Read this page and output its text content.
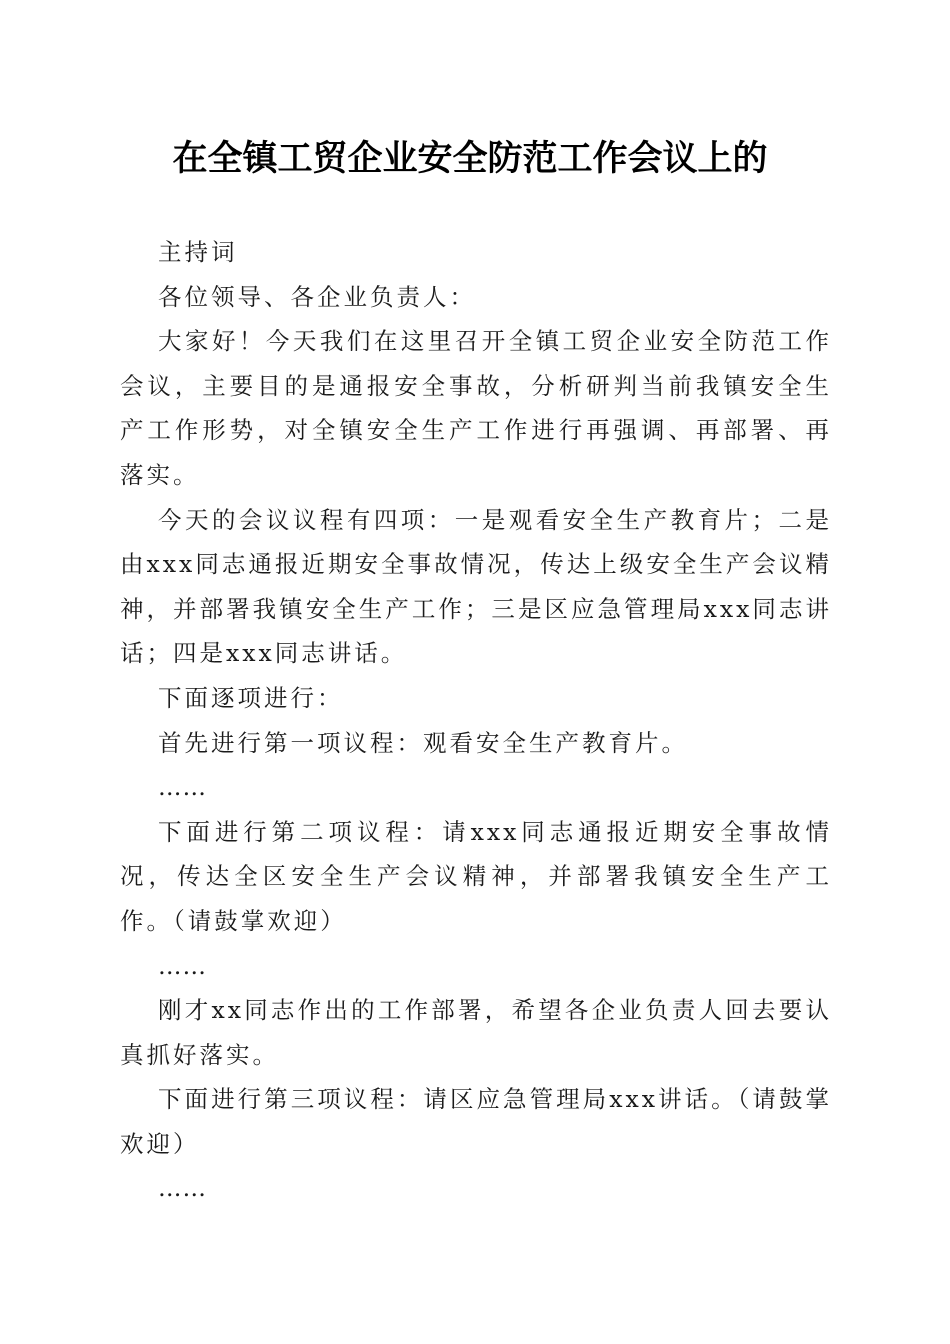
在全镇工贸企业安全防范工作会议上的

主持词

各位领导、各企业负责人：

大家好！今天我们在这里召开全镇工贸企业安全防范工作会议，主要目的是通报安全事故，分析研判当前我镇安全生产工作形势，对全镇安全生产工作进行再强调、再部署、再落实。

今天的会议议程有四项：一是观看安全生产教育片；二是由xxx同志通报近期安全事故情况，传达上级安全生产会议精神，并部署我镇安全生产工作；三是区应急管理局xxx同志讲话；四是xxx同志讲话。

下面逐项进行：

首先进行第一项议程：观看安全生产教育片。

……

下面进行第二项议程：请xxx同志通报近期安全事故情况，传达全区安全生产会议精神，并部署我镇安全生产工作。（请鼓掌欢迎）

……

刚才xx同志作出的工作部署，希望各企业负责人回去要认真抓好落实。

下面进行第三项议程：请区应急管理局xxx讲话。（请鼓掌欢迎）

……
